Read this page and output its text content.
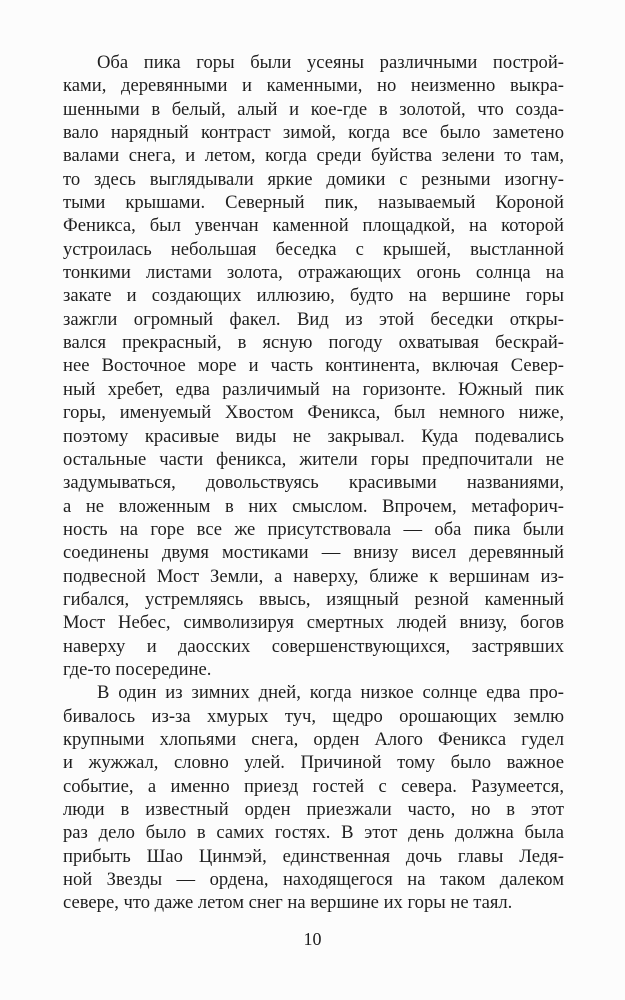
Оба пика горы были усеяны различными построй-
ками, деревянными и каменными, но неизменно выкра-
шенными в белый, алый и кое-где в золотой, что созда-
вало нарядный контраст зимой, когда все было заметено
валами снега, и летом, когда среди буйства зелени то там,
то здесь выглядывали яркие домики с резными изогну-
тыми крышами. Северный пик, называемый Короной
Феникса, был увенчан каменной площадкой, на которой
устроилась небольшая беседка с крышей, выстланной
тонкими листами золота, отражающих огонь солнца на
закате и создающих иллюзию, будто на вершине горы
зажгли огромный факел. Вид из этой беседки откры-
вался прекрасный, в ясную погоду охватывая бескрай-
нее Восточное море и часть континента, включая Север-
ный хребет, едва различимый на горизонте. Южный пик
горы, именуемый Хвостом Феникса, был немного ниже,
поэтому красивые виды не закрывал. Куда подевались
остальные части феникса, жители горы предпочитали не
задумываться, довольствуясь красивыми названиями,
а не вложенным в них смыслом. Впрочем, метафорич-
ность на горе все же присутствовала — оба пика были
соединены двумя мостиками — внизу висел деревянный
подвесной Мост Земли, а наверху, ближе к вершинам из-
гибался, устремляясь ввысь, изящный резной каменный
Мост Небес, символизируя смертных людей внизу, богов
наверху и даосских совершенствующихся, застрявших
где-то посередине.
В один из зимних дней, когда низкое солнце едва про-
бивалось из-за хмурых туч, щедро орошающих землю
крупными хлопьями снега, орден Алого Феникса гудел
и жужжал, словно улей. Причиной тому было важное
событие, а именно приезд гостей с севера. Разумеется,
люди в известный орден приезжали часто, но в этот
раз дело было в самих гостях. В этот день должна была
прибыть Шао Цинмэй, единственная дочь главы Ледя-
ной Звезды — ордена, находящегося на таком далеком
севере, что даже летом снег на вершине их горы не таял.
10
